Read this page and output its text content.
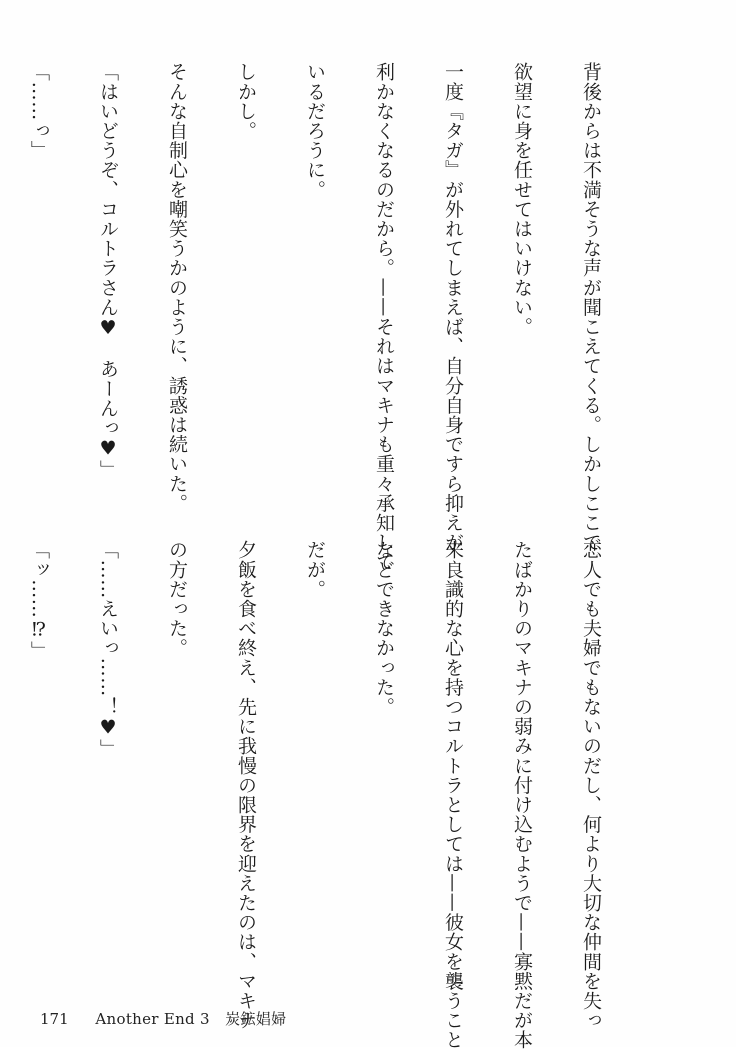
背後からは不満そうな声が聞こえてくる。しかしここで

欲望に身を任せてはいけない。

一度『タガ』が外れてしまえば、自分自身ですら抑えが

利かなくなるのだから。——それはマキナも重々承知して

いるだろうに。

しかし。

そんな自制心を嘲笑うかのように、誘惑は続いた。

「はいどうぞ、コルトラさん♥　あーんっ♥」

「……っ」

恋人でも夫婦でもないのだし、何より大切な仲間を失っ

たばかりのマキナの弱みに付け込むようで——寡黙だが本

来良識的な心を持つコルトラとしては——彼女を襲うこと

などできなかった。

だが。

夕飯を食べ終え、先に我慢の限界を迎えたのは、マキナ

の方だった。

「……えいっ……！♥」

「ッ……⁉」

171 Another End 3　炭鉱娼婦
